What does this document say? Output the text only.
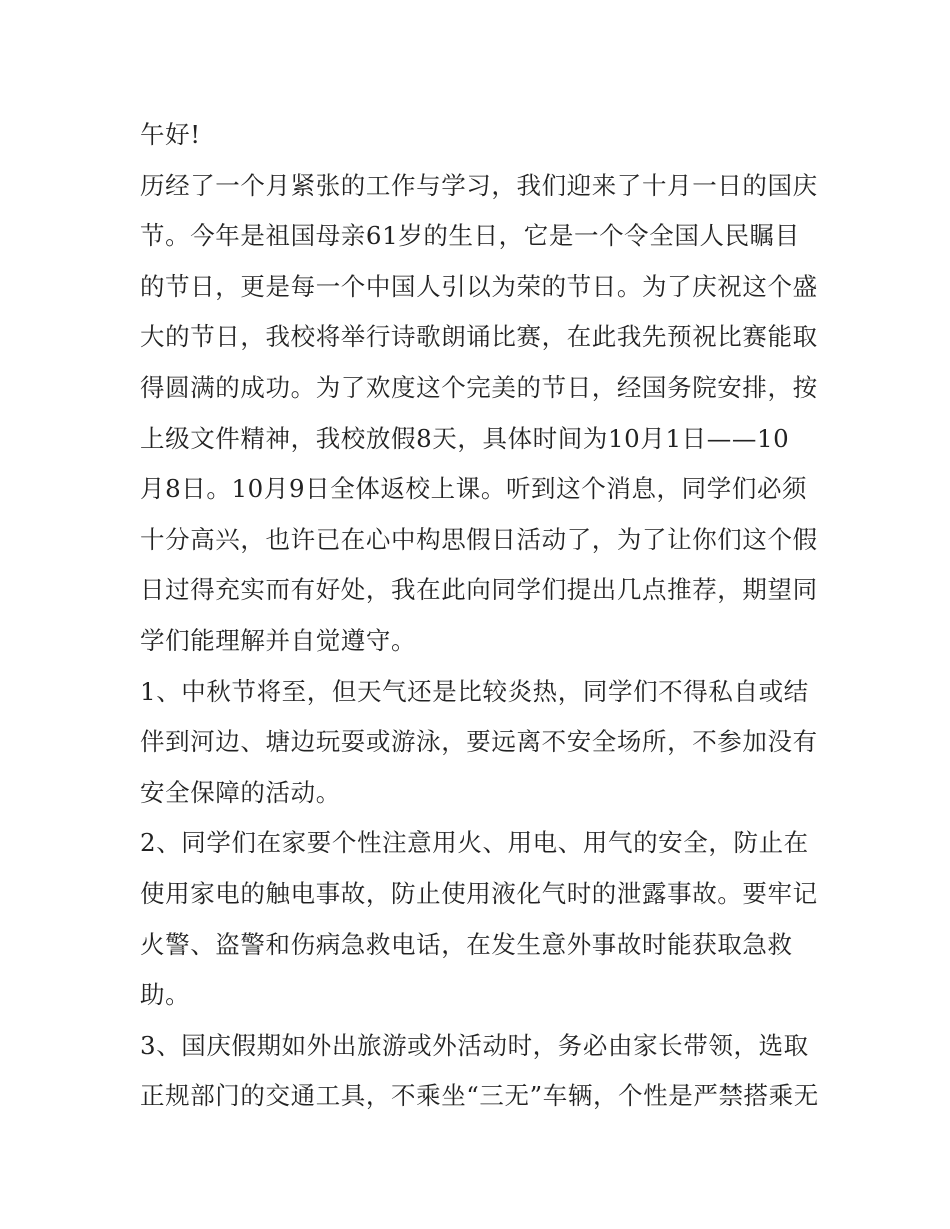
午好!
历经了一个月紧张的工作与学习，我们迎来了十月一日的国庆
节。今年是祖国母亲61岁的生日，它是一个令全国人民瞩目
的节日，更是每一个中国人引以为荣的节日。为了庆祝这个盛
大的节日，我校将举行诗歌朗诵比赛，在此我先预祝比赛能取
得圆满的成功。为了欢度这个完美的节日，经国务院安排，按
上级文件精神，我校放假8天，具体时间为10月1日——10
月8日。10月9日全体返校上课。听到这个消息，同学们必须
十分高兴，也许已在心中构思假日活动了，为了让你们这个假
日过得充实而有好处，我在此向同学们提出几点推荐，期望同
学们能理解并自觉遵守。
1、中秋节将至，但天气还是比较炎热，同学们不得私自或结
伴到河边、塘边玩耍或游泳，要远离不安全场所，不参加没有
安全保障的活动。
2、同学们在家要个性注意用火、用电、用气的安全，防止在
使用家电的触电事故，防止使用液化气时的泄露事故。要牢记
火警、盗警和伤病急救电话，在发生意外事故时能获取急救
助。
3、国庆假期如外出旅游或外活动时，务必由家长带领，选取
正规部门的交通工具，不乘坐“三无”车辆，个性是严禁搭乘无
